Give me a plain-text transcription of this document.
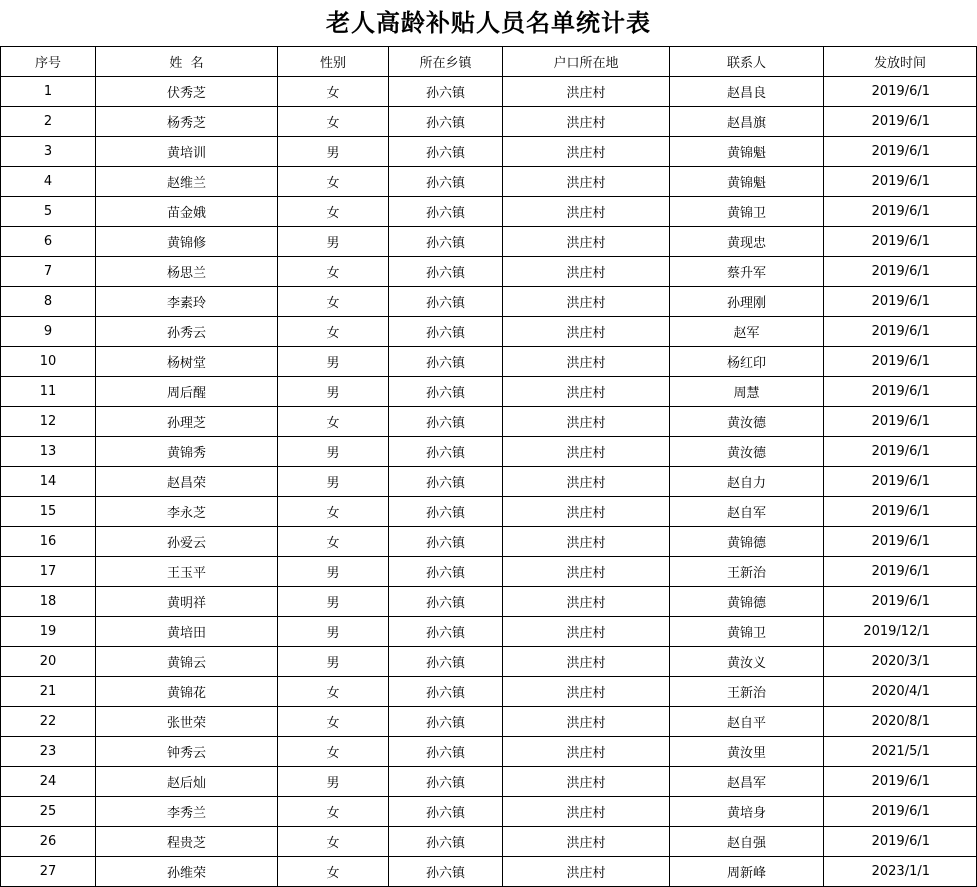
老人高龄补贴人员名单统计表
序号	姓  名	性别	所在乡镇	户口所在地	联系人	发放时间
1	伏秀芝	女	孙六镇	洪庄村	赵昌良	2019/6/1
2	杨秀芝	女	孙六镇	洪庄村	赵昌旗	2019/6/1
3	黄培训	男	孙六镇	洪庄村	黄锦魁	2019/6/1
4	赵维兰	女	孙六镇	洪庄村	黄锦魁	2019/6/1
5	苗金娥	女	孙六镇	洪庄村	黄锦卫	2019/6/1
6	黄锦修	男	孙六镇	洪庄村	黄现忠	2019/6/1
7	杨思兰	女	孙六镇	洪庄村	蔡升军	2019/6/1
8	李素玲	女	孙六镇	洪庄村	孙理刚	2019/6/1
9	孙秀云	女	孙六镇	洪庄村	赵军	2019/6/1
10	杨树堂	男	孙六镇	洪庄村	杨红印	2019/6/1
11	周后醒	男	孙六镇	洪庄村	周慧	2019/6/1
12	孙理芝	女	孙六镇	洪庄村	黄汝德	2019/6/1
13	黄锦秀	男	孙六镇	洪庄村	黄汝德	2019/6/1
14	赵昌荣	男	孙六镇	洪庄村	赵自力	2019/6/1
15	李永芝	女	孙六镇	洪庄村	赵自军	2019/6/1
16	孙爱云	女	孙六镇	洪庄村	黄锦德	2019/6/1
17	王玉平	男	孙六镇	洪庄村	王新治	2019/6/1
18	黄明祥	男	孙六镇	洪庄村	黄锦德	2019/6/1
19	黄培田	男	孙六镇	洪庄村	黄锦卫	2019/12/1
20	黄锦云	男	孙六镇	洪庄村	黄汝义	2020/3/1
21	黄锦花	女	孙六镇	洪庄村	王新治	2020/4/1
22	张世荣	女	孙六镇	洪庄村	赵自平	2020/8/1
23	钟秀云	女	孙六镇	洪庄村	黄汝里	2021/5/1
24	赵后灿	男	孙六镇	洪庄村	赵昌军	2019/6/1
25	李秀兰	女	孙六镇	洪庄村	黄培身	2019/6/1
26	程贵芝	女	孙六镇	洪庄村	赵自强	2019/6/1
27	孙维荣	女	孙六镇	洪庄村	周新峰	2023/1/1
